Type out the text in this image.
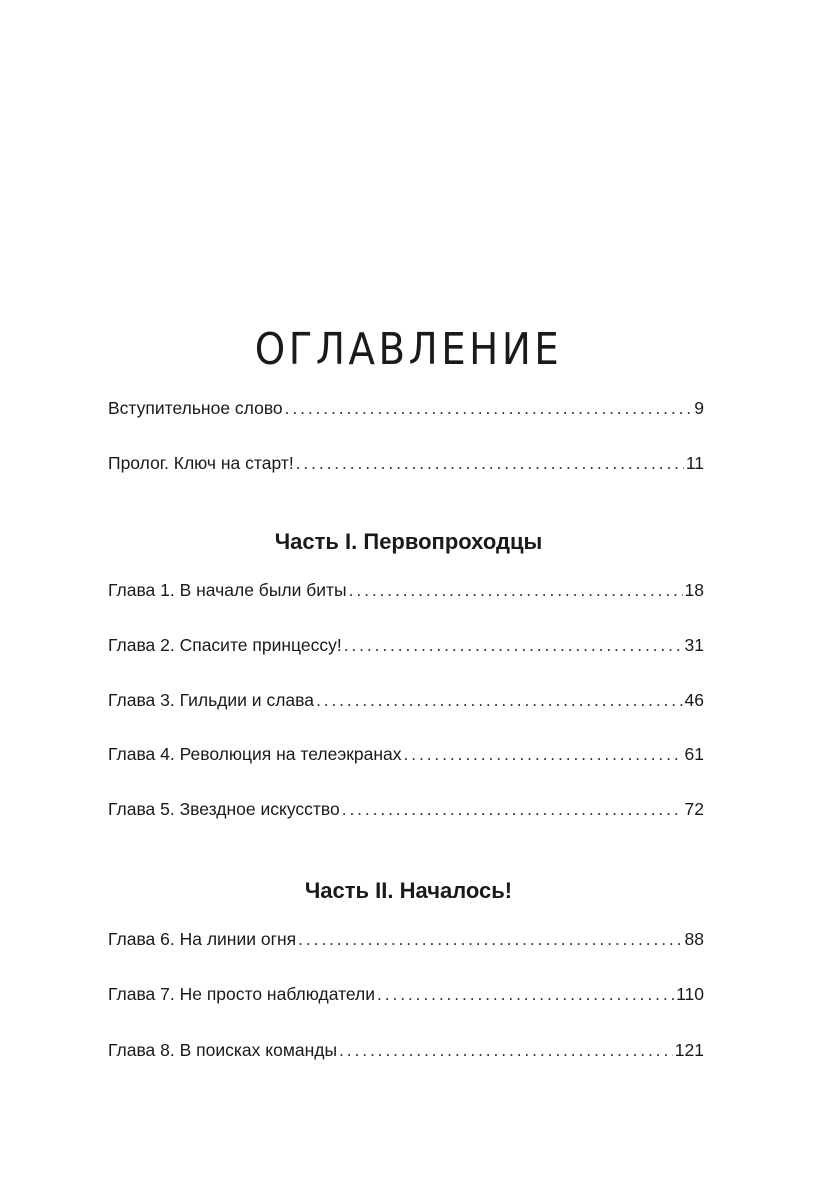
ОГЛАВЛЕНИЕ
Вступительное слово . . .	9
Пролог. Ключ на старт! . . .	11
Часть I. Первопроходцы
Глава 1. В начале были биты . . .	18
Глава 2. Спасите принцессу! . . .	31
Глава 3. Гильдии и слава . . .	46
Глава 4. Революция на телеэкранах . . .	61
Глава 5. Звездное искусство . . .	72
Часть II. Началось!
Глава 6. На линии огня . . .	88
Глава 7. Не просто наблюдатели . . .	110
Глава 8. В поисках команды . . .	121
